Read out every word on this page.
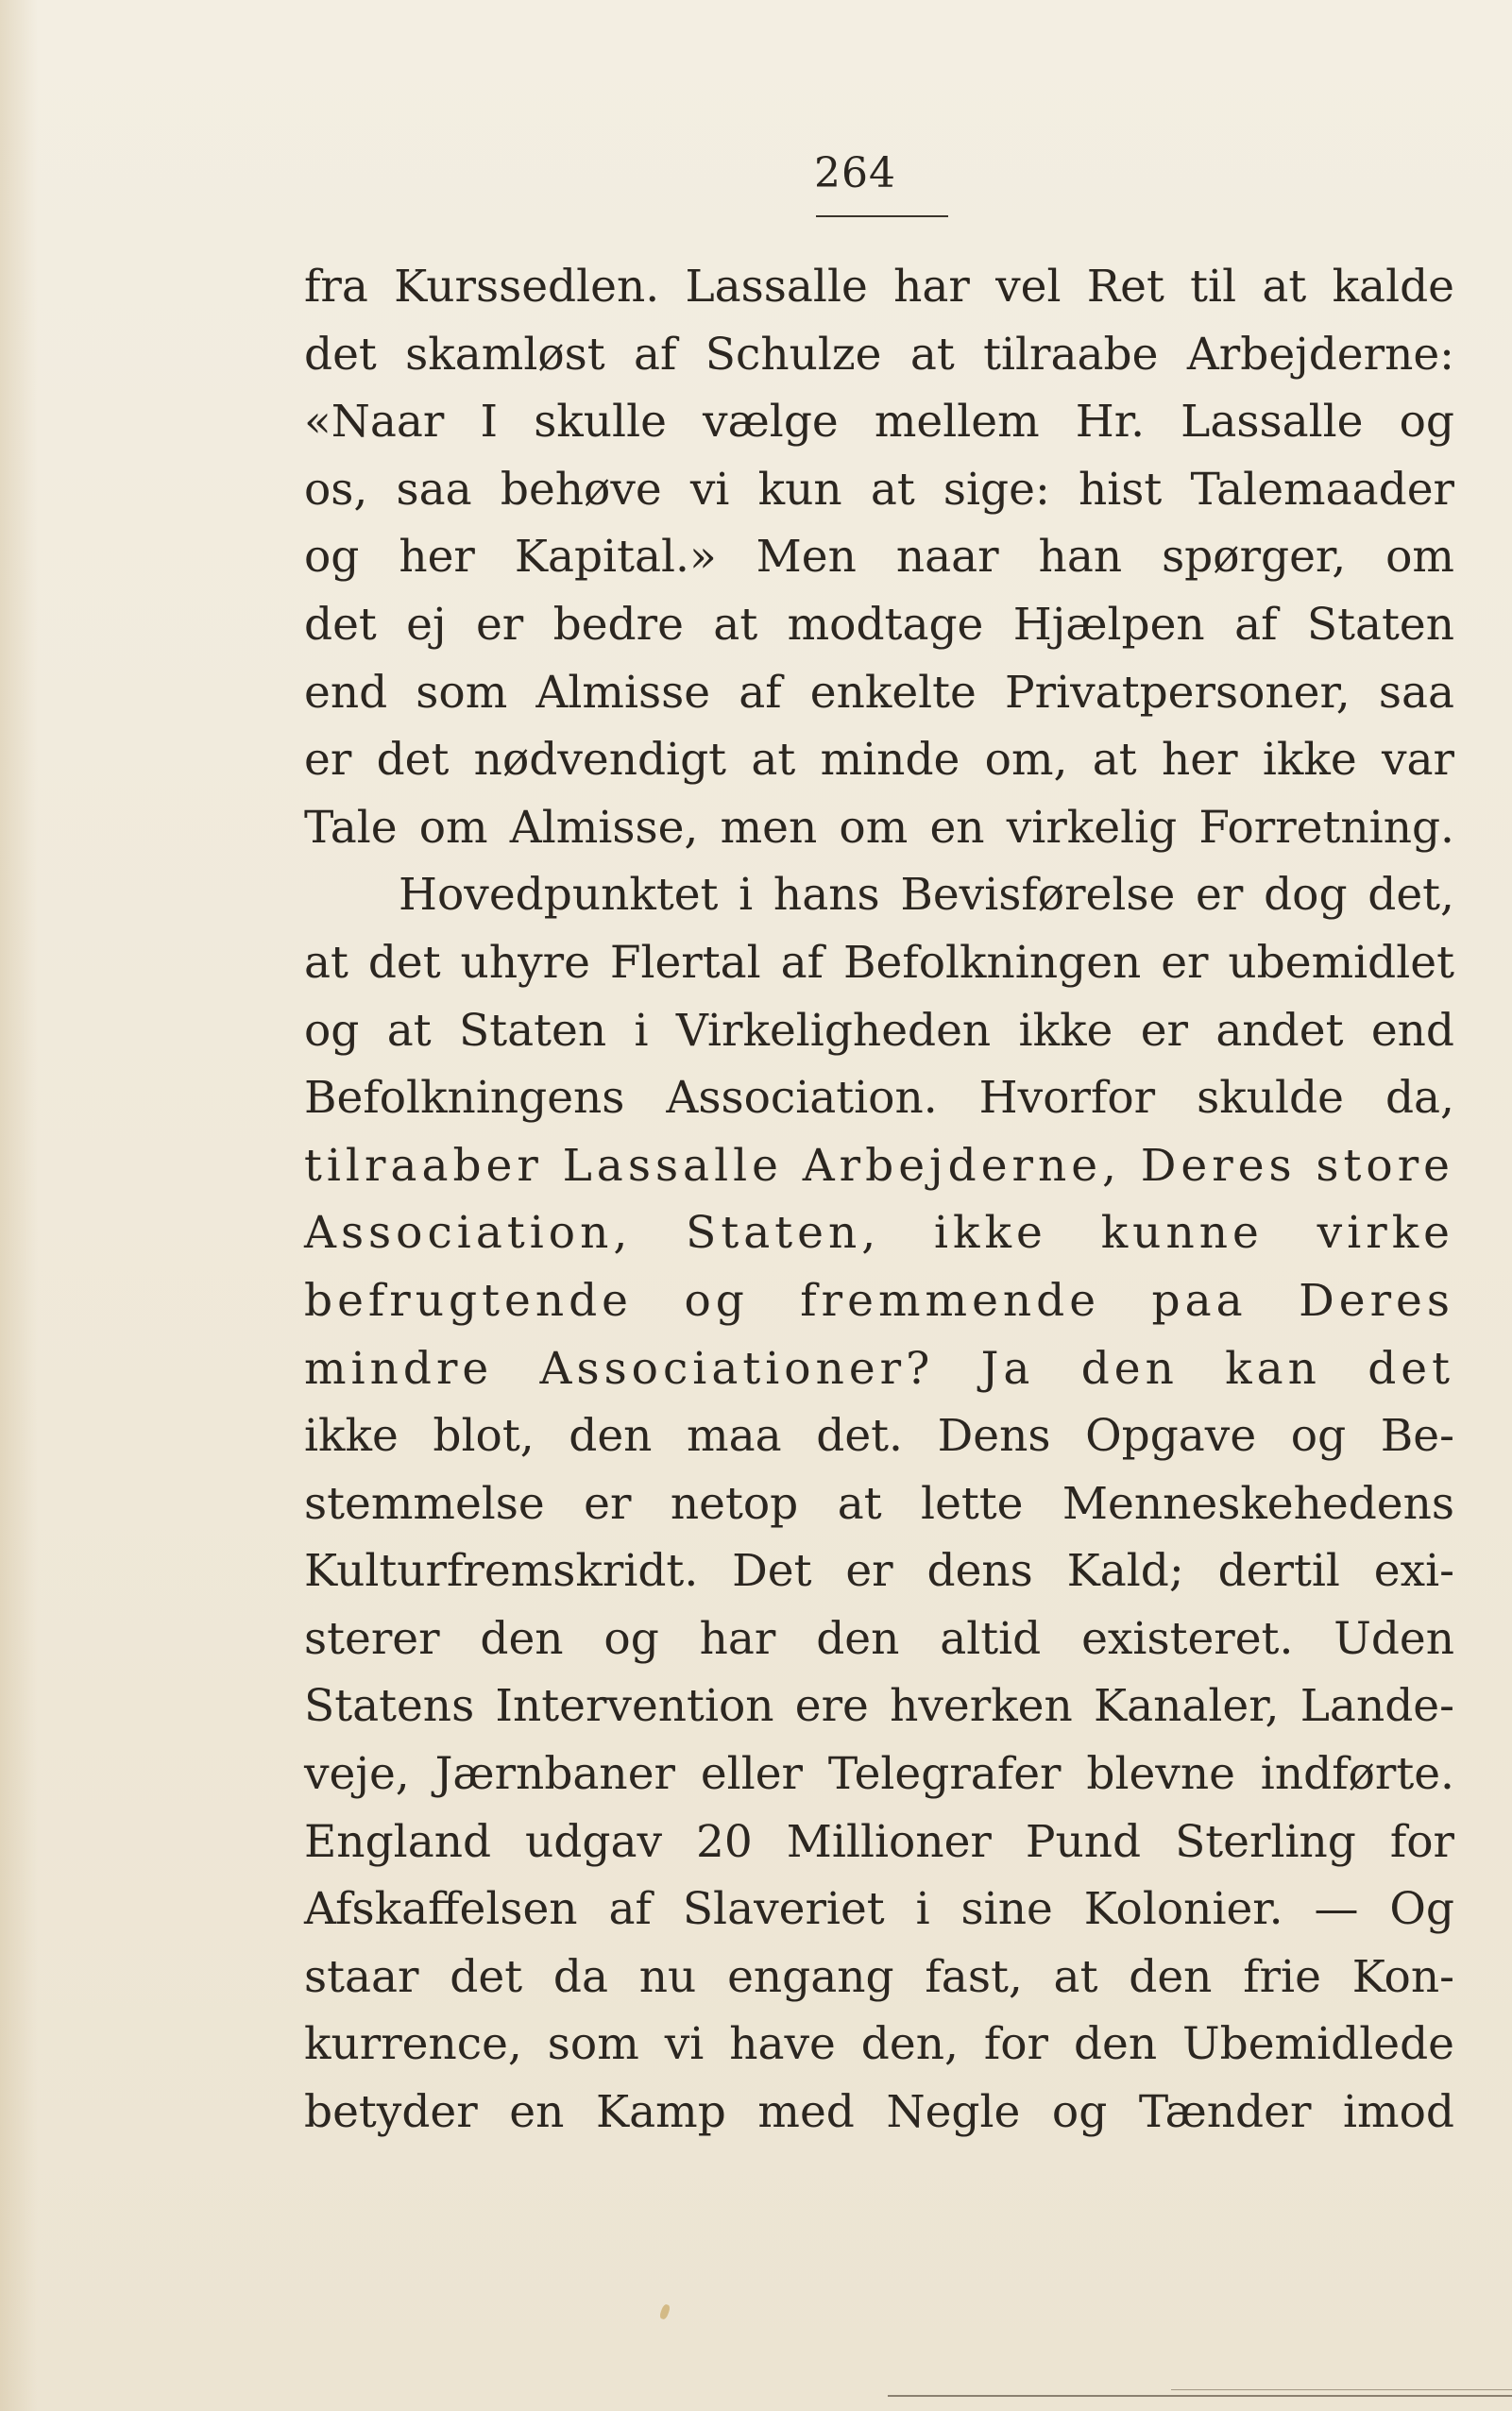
264
fra Kurssedlen. Lassalle har vel Ret til at kalde
det skamløst af Schulze at tilraabe Arbejderne:
«Naar I skulle vælge mellem Hr. Lassalle og
os, saa behøve vi kun at sige: hist Talemaader
og her Kapital.» Men naar han spørger, om
det ej er bedre at modtage Hjælpen af Staten
end som Almisse af enkelte Privatpersoner, saa
er det nødvendigt at minde om, at her ikke var
Tale om Almisse, men om en virkelig Forretning.
Hovedpunktet i hans Bevisførelse er dog det,
at det uhyre Flertal af Befolkningen er ubemidlet
og at Staten i Virkeligheden ikke er andet end
Befolkningens Association. Hvorfor skulde da,
tilraaber Lassalle Arbejderne, Deres store
Association, Staten, ikke kunne virke
befrugtende og fremmende paa Deres
mindre Associationer? Ja den kan det
ikke blot, den maa det. Dens Opgave og Be-
stemmelse er netop at lette Menneskehedens
Kulturfremskridt. Det er dens Kald; dertil exi-
sterer den og har den altid existeret. Uden
Statens Intervention ere hverken Kanaler, Lande-
veje, Jærnbaner eller Telegrafer blevne indførte.
England udgav 20 Millioner Pund Sterling for
Afskaffelsen af Slaveriet i sine Kolonier. — Og
staar det da nu engang fast, at den frie Kon-
kurrence, som vi have den, for den Ubemidlede
betyder en Kamp med Negle og Tænder imod
